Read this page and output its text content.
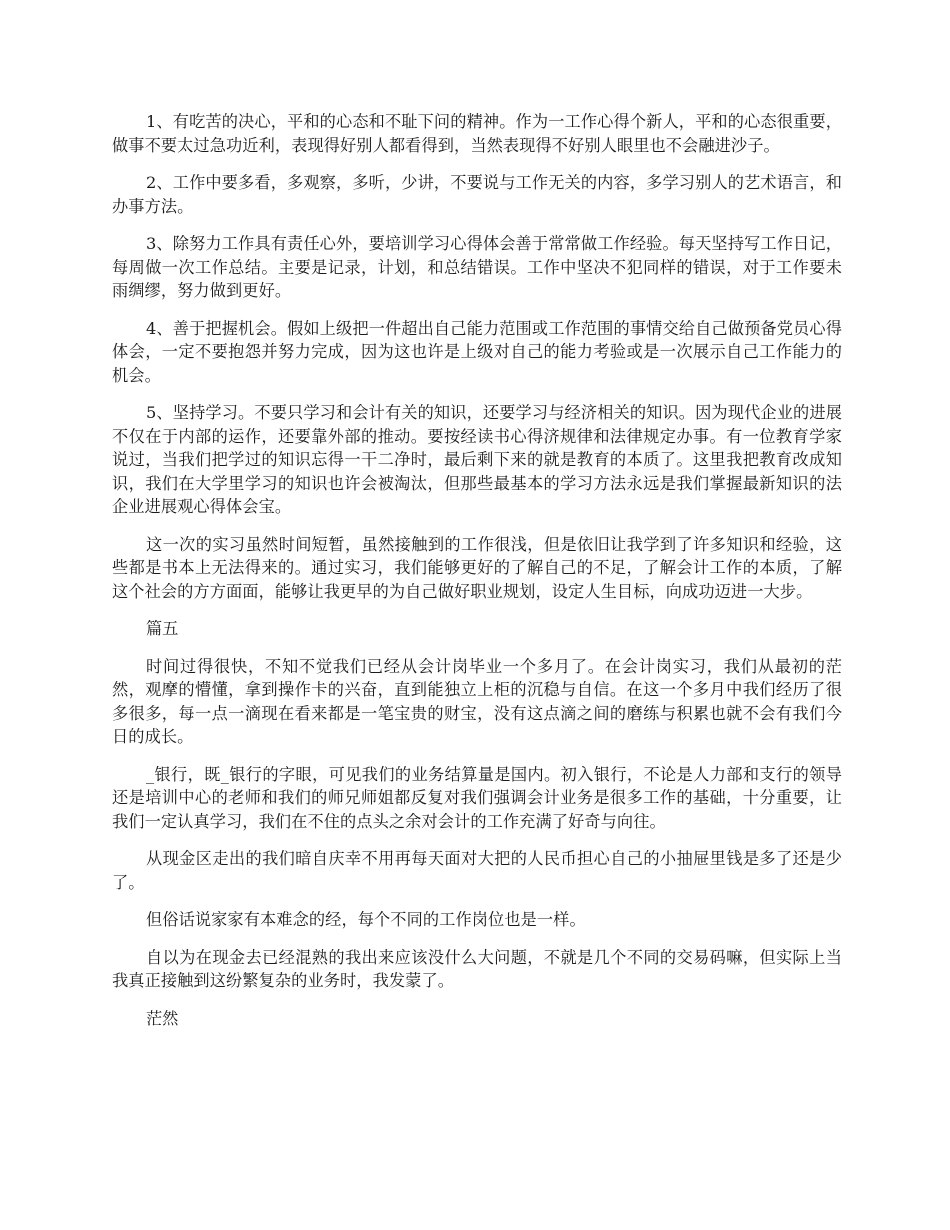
1、有吃苦的决心，平和的心态和不耻下问的精神。作为一工作心得个新人，平和的心态很重要，做事不要太过急功近利，表现得好别人都看得到，当然表现得不好别人眼里也不会融进沙子。

2、工作中要多看，多观察，多听，少讲，不要说与工作无关的内容，多学习别人的艺术语言，和办事方法。

3、除努力工作具有责任心外，要培训学习心得体会善于常常做工作经验。每天坚持写工作日记，每周做一次工作总结。主要是记录，计划，和总结错误。工作中坚决不犯同样的错误，对于工作要未雨绸缪，努力做到更好。

4、善于把握机会。假如上级把一件超出自己能力范围或工作范围的事情交给自己做预备党员心得体会，一定不要抱怨并努力完成，因为这也许是上级对自己的能力考验或是一次展示自己工作能力的机会。

5、坚持学习。不要只学习和会计有关的知识，还要学习与经济相关的知识。因为现代企业的进展不仅在于内部的运作，还要靠外部的推动。要按经读书心得济规律和法律规定办事。有一位教育学家说过，当我们把学过的知识忘得一干二净时，最后剩下来的就是教育的本质了。这里我把教育改成知识，我们在大学里学习的知识也许会被淘汰，但那些最基本的学习方法永远是我们掌握最新知识的法企业进展观心得体会宝。

这一次的实习虽然时间短暂，虽然接触到的工作很浅，但是依旧让我学到了许多知识和经验，这些都是书本上无法得来的。通过实习，我们能够更好的了解自己的不足，了解会计工作的本质，了解这个社会的方方面面，能够让我更早的为自己做好职业规划，设定人生目标，向成功迈进一大步。

篇五

时间过得很快，不知不觉我们已经从会计岗毕业一个多月了。在会计岗实习，我们从最初的茫然，观摩的懵懂，拿到操作卡的兴奋，直到能独立上柜的沉稳与自信。在这一个多月中我们经历了很多很多，每一点一滴现在看来都是一笔宝贵的财宝，没有这点滴之间的磨练与积累也就不会有我们今日的成长。

_银行，既_银行的字眼，可见我们的业务结算量是国内。初入银行，不论是人力部和支行的领导还是培训中心的老师和我们的师兄师姐都反复对我们强调会计业务是很多工作的基础，十分重要，让我们一定认真学习，我们在不住的点头之余对会计的工作充满了好奇与向往。

从现金区走出的我们暗自庆幸不用再每天面对大把的人民币担心自己的小抽屉里钱是多了还是少了。

但俗话说家家有本难念的经，每个不同的工作岗位也是一样。

自以为在现金去已经混熟的我出来应该没什么大问题，不就是几个不同的交易码嘛，但实际上当我真正接触到这纷繁复杂的业务时，我发蒙了。

茫然
